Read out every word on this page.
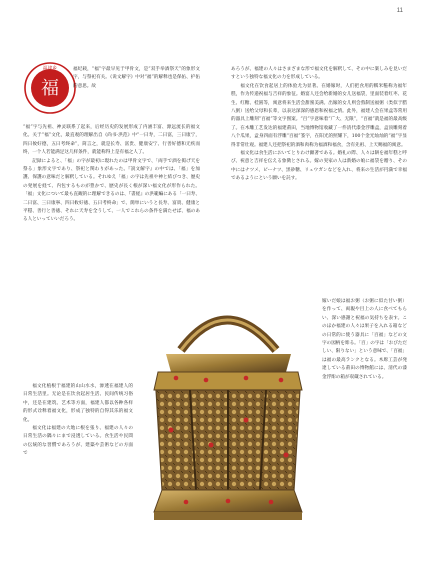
11
福
福建乡	福纪载，“福”字最早见于甲骨文，是“双手举酒祭天”的象形文字，与祭祀有关。《说文解字》中对“福”的解释也是保佑、护佑的意思。故

“福”字与先祖、神灵联系了起来，后经历史的发展形成了内涵丰富、源远流长的福文化。关于“福”文化，最直观的理解出自《尚书·洪范》中“一曰寿，二曰富，三曰康宁，四曰攸好德，五曰考终命”，简言之，就是长寿、富贵、健康安宁、行善好德和无疾而终，一个人若能满足这几样条件，就能称得上是有福之人了。

記録によると、「福」の字が最初に現れたのは甲骨文字で、「両手で酒を掲げ天を祭る」象形文字であり、祭祀と関わりがあった。『説文解字』の中では、「福」を加護、保護の意味だと解釈している。それゆえ「福」の字は先祖や神と結びつき、歴史の発展を経て、内包するものが豊かで、歴史が長く根が深い福文化が形作られた。「福」文化について最も直観的に理解できるのは、『書経』の洪範編にある「一曰寿、二曰富、三曰康寧、四曰攸好徳、五曰考終命」で、簡単にいうと長寿、富貴、健康と平穏、善行と善徳、それに天寿を全うして、一人でこれらの条件を満たせば、福のある人といっていいだろう。

福文化植根于福建的山山水水，渗透在福建人的日常生活里。无论是在饮食起居生活、民间传统习俗中，还是在建筑、艺术等方面，福建人都以各种各样的形式诠释着福文化，形成了独特的自得其乐的福文化。

福文化は福建の大地に根を張り、福建の人々の日常生活の隅々にまで浸透している。食生活や民間の伝統的な習慣であろうが、建築や芸術などの方面で

あろうが、福建の人々はさまざまな形で福文化を解釈して、その中に楽しみを見いだすという独特な福文化の力を形成している。

福文化在饮食起居上的体验尤为显著。在婚嫁时，人们把食用的糯米糍称为福年糕，作为传递祝福与吉祥的象征。婚宴人还会给新婚的女儿送福袋，里面装着红枣、花生、红糖、桂圆等，寓意将来生活会甜蜜美满。出嫁的女儿则会熬制送福粥（类似于腊八粥）送给父母和长辈，以表达深深的感恩和祝福之情。此外，福建人会在果盒等常用的器具上雕刻“百福”等文字图案。“百”字意味着“广大、无限”，“百福”就是福的最高级了。在木雕工艺发达的福建莆田，当地博物馆收藏了一件清代漆金浮雕盒，盒顶雕刻着八个瓜果，盒身四面有浮雕“百福”篆字，在阳光的照耀下，100个金光灿灿的“福”字显得非常壮观。福建人还把祭祀的酒和肉称为福酒和福食，含有先祖、上天赐福的寓意。

福文化は食生活においてとりわけ顕著である。婚礼の際、人々は餅を福年糕と呼び、祝意と吉祥を伝える象徴とされる。嫁の実家の人は新婚の娘に福袋を贈り、その中にはナツメ、ピーナツ、黒砂糖、リュウガンなどを入れ、将来の生活が円満で幸福であるようにという願いを託す。

嫁いだ娘は福お粥（お粥に似た甘い粥）を作って、両親や目上の人に食べてもらい、深い感謝と祝福の気持ちを表す。このほか福建の人々は果子を入れる箱などの日常的に使う器具に「百福」などの文字の図柄を彫る。「百」の字は「おびただしい、限りない」という意味で、「百福」は福の最高ランクとなる。木彫工芸が発達している莆田の博物館には、清代の漆金浮彫の箱が収蔵されている。
